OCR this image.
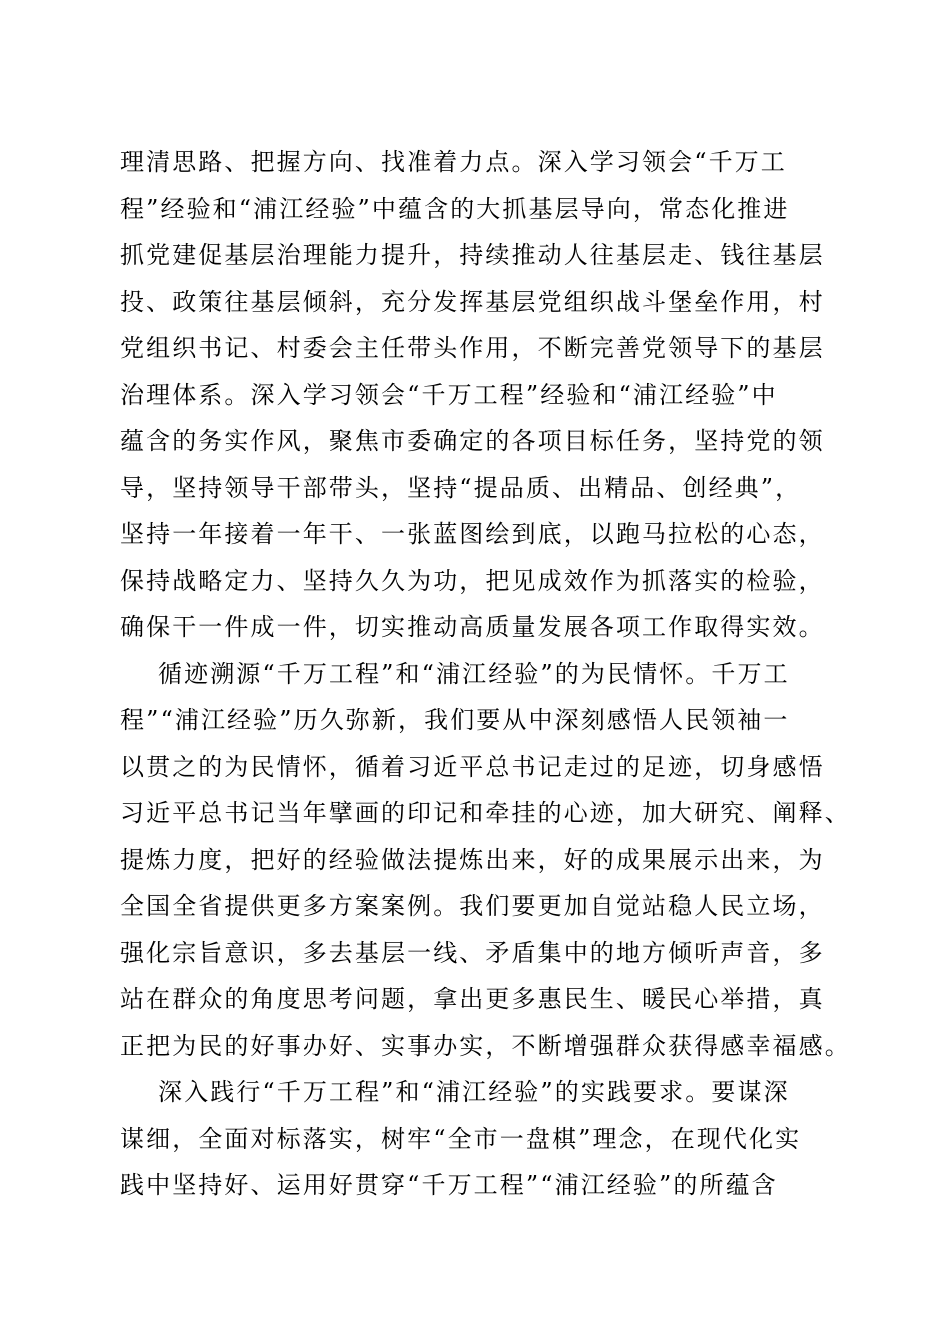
理清思路、把握方向、找准着力点。深入学习领会“千万工

程”经验和“浦江经验”中蕴含的大抓基层导向，常态化推进

抓党建促基层治理能力提升，持续推动人往基层走、钱往基层

投、政策往基层倾斜，充分发挥基层党组织战斗堡垒作用，村

党组织书记、村委会主任带头作用，不断完善党领导下的基层

治理体系。深入学习领会“千万工程”经验和“浦江经验”中

蕴含的务实作风，聚焦市委确定的各项目标任务，坚持党的领

导，坚持领导干部带头，坚持“提品质、出精品、创经典”，

坚持一年接着一年干、一张蓝图绘到底，以跑马拉松的心态，

保持战略定力、坚持久久为功，把见成效作为抓落实的检验，

确保干一件成一件，切实推动高质量发展各项工作取得实效。

循迹溯源“千万工程”和“浦江经验”的为民情怀。千万工

程”“浦江经验”历久弥新，我们要从中深刻感悟人民领袖一

以贯之的为民情怀，循着习近平总书记走过的足迹，切身感悟

习近平总书记当年擘画的印记和牵挂的心迹，加大研究、阐释、

提炼力度，把好的经验做法提炼出来，好的成果展示出来，为

全国全省提供更多方案案例。我们要更加自觉站稳人民立场，

强化宗旨意识，多去基层一线、矛盾集中的地方倾听声音，多

站在群众的角度思考问题，拿出更多惠民生、暖民心举措，真

正把为民的好事办好、实事办实，不断增强群众获得感幸福感。

深入践行“千万工程”和“浦江经验”的实践要求。要谋深

谋细，全面对标落实，树牢“全市一盘棋”理念，在现代化实

践中坚持好、运用好贯穿“千万工程”“浦江经验”的所蕴含
